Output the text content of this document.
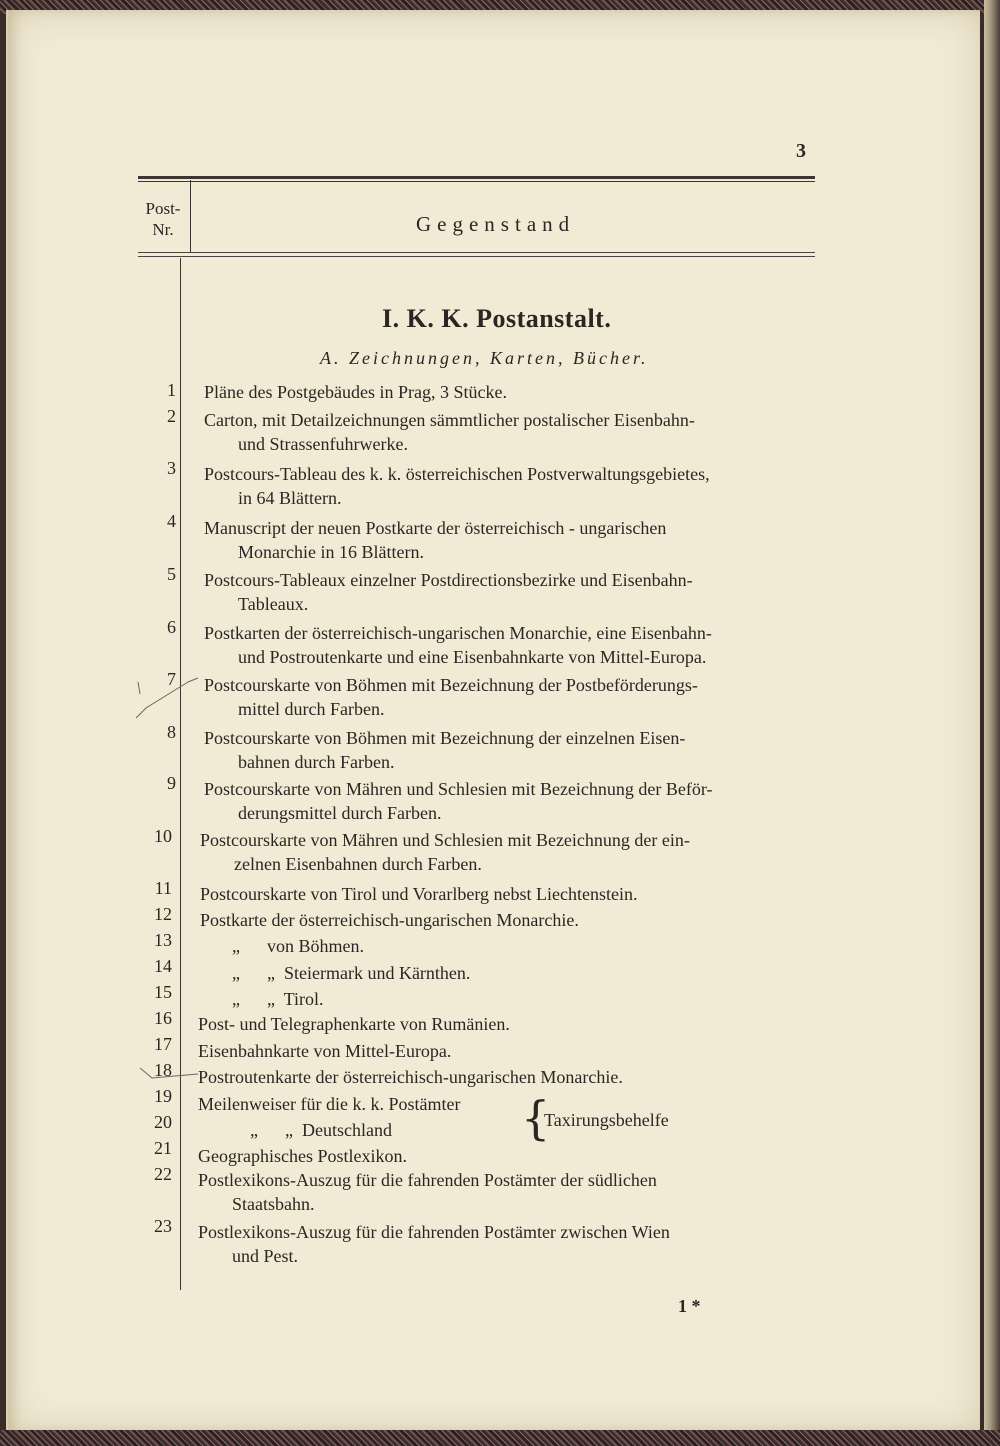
3
Post-
Nr.	Gegenstand
I. K. K. Postanstalt.
A. Zeichnungen, Karten, Bücher.
1 Pläne des Postgebäudes in Prag, 3 Stücke.
2 Carton, mit Detailzeichnungen sämmtlicher postalischer Eisenbahn-
und Strassenfuhrwerke.
3 Postcours-Tableau des k. k. österreichischen Postverwaltungsgebietes,
in 64 Blättern.
4 Manuscript der neuen Postkarte der österreichisch - ungarischen
Monarchie in 16 Blättern.
5 Postcours-Tableaux einzelner Postdirectionsbezirke und Eisenbahn-
Tableaux.
6 Postkarten der österreichisch-ungarischen Monarchie, eine Eisenbahn-
und Postroutenkarte und eine Eisenbahnkarte von Mittel-Europa.
7 Postcourskarte von Böhmen mit Bezeichnung der Postbeförderungs-
mittel durch Farben.
8 Postcourskarte von Böhmen mit Bezeichnung der einzelnen Eisen-
bahnen durch Farben.
9 Postcourskarte von Mähren und Schlesien mit Bezeichnung der Beför-
derungsmittel durch Farben.
10 Postcourskarte von Mähren und Schlesien mit Bezeichnung der ein-
zelnen Eisenbahnen durch Farben.
11 Postcourskarte von Tirol und Vorarlberg nebst Liechtenstein.
12 Postkarte der österreichisch-ungarischen Monarchie.
13	„      von Böhmen.
14	„      „  Steiermark und Kärnthen.
15	„      „  Tirol.
16 Post- und Telegraphenkarte von Rumänien.
17 Eisenbahnkarte von Mittel-Europa.
18 Postroutenkarte der österreichisch-ungarischen Monarchie.
19 Meilenweiser für die k. k. Postämter
20	„      „  Deutschland	{
Taxirungsbehelfe
21 Geographisches Postlexikon.
22 Postlexikons-Auszug für die fahrenden Postämter der südlichen
Staatsbahn.
23 Postlexikons-Auszug für die fahrenden Postämter zwischen Wien
und Pest.
1 *
